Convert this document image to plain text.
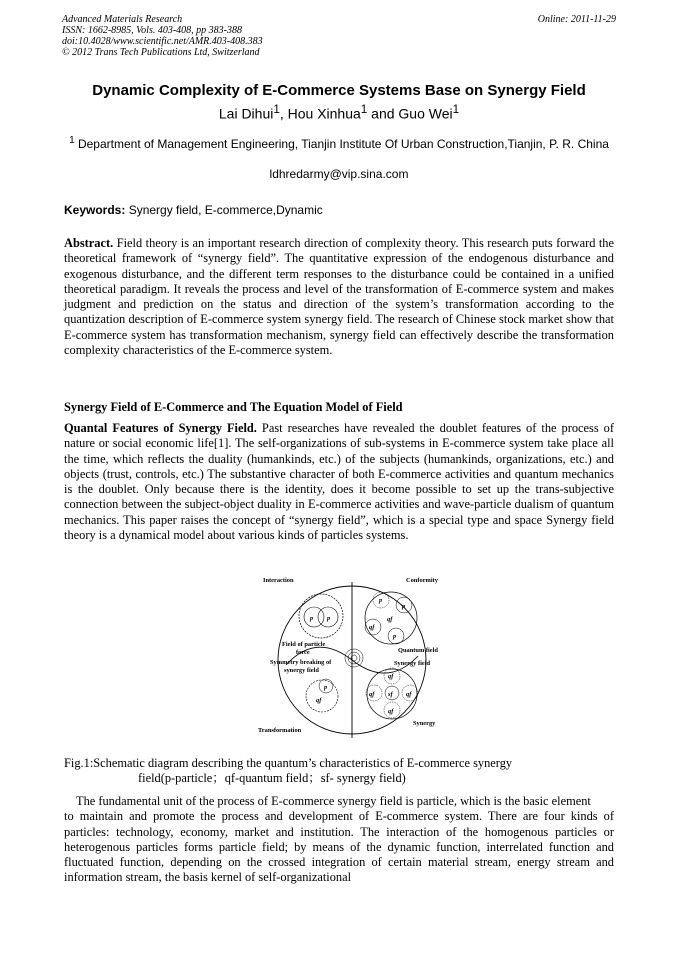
Advanced Materials Research
ISSN: 1662-8985, Vols. 403-408, pp 383-388
doi:10.4028/www.scientific.net/AMR.403-408.383
© 2012 Trans Tech Publications Ltd, Switzerland
Online: 2011-11-29
Dynamic Complexity of E-Commerce Systems Base on Synergy Field
Lai Dihui$^1$, Hou Xinhua$^1$ and Guo Wei$^1$
$^1$ Department of Management Engineering, Tianjin Institute Of Urban Construction,Tianjin, P. R. China
ldhredarmy@vip.sina.com
Keywords: Synergy field, E-commerce,Dynamic
Abstract. Field theory is an important research direction of complexity theory. This research puts forward the theoretical framework of “synergy field”. The quantitative expression of the endogenous disturbance and exogenous disturbance, and the different term responses to the disturbance could be contained in a unified theoretical paradigm. It reveals the process and level of the transformation of E-commerce system and makes judgment and prediction on the status and direction of the system’s transformation according to the quantization description of E-commerce system synergy field. The research of Chinese stock market show that E-commerce system has transformation mechanism, synergy field can effectively describe the transformation complexity characteristics of the E-commerce system.
Synergy Field of E-Commerce and The Equation Model of Field
Quantal Features of Synergy Field. Past researches have revealed the doublet features of the process of nature or social economic life[1]. The self-organizations of sub-systems in E-commerce system take place all the time, which reflects the duality (humankinds, etc.) of the subjects (humankinds, organizations, etc.) and objects (trust, controls, etc.) The substantive character of both E-commerce activities and quantum mechanics is the doublet. Only because there is the identity, does it become possible to set up the trans-subjective connection between the subject-object duality in E-commerce activities and wave-particle dualism of quantum mechanics. This paper raises the concept of “synergy field”, which is a special type and space Synergy field theory is a dynamical model about various kinds of particles systems.
Interaction	Conformity
p p
p
p
qf
qf
p
Field of particle
force
Symmetry breaking of
synergy field
Quantum field
Synergy field
p
qf
qf
qf sf qf
qf
Transformation
Synergy
Fig.1:Schematic diagram describing the quantum’s characteristics of E-commerce synergy
field(p-particle；qf-quantum field；sf- synergy field)
The fundamental unit of the process of E-commerce synergy field is particle, which is the basic element
to maintain and promote the process and development of E-commerce system. There are four kinds of particles: technology, economy, market and institution. The interaction of the homogenous particles or heterogenous particles forms particle field; by means of the dynamic function, interrelated function and fluctuated function, depending on the crossed integration of certain material stream, energy stream and information stream, the basis kernel of self-organizational
